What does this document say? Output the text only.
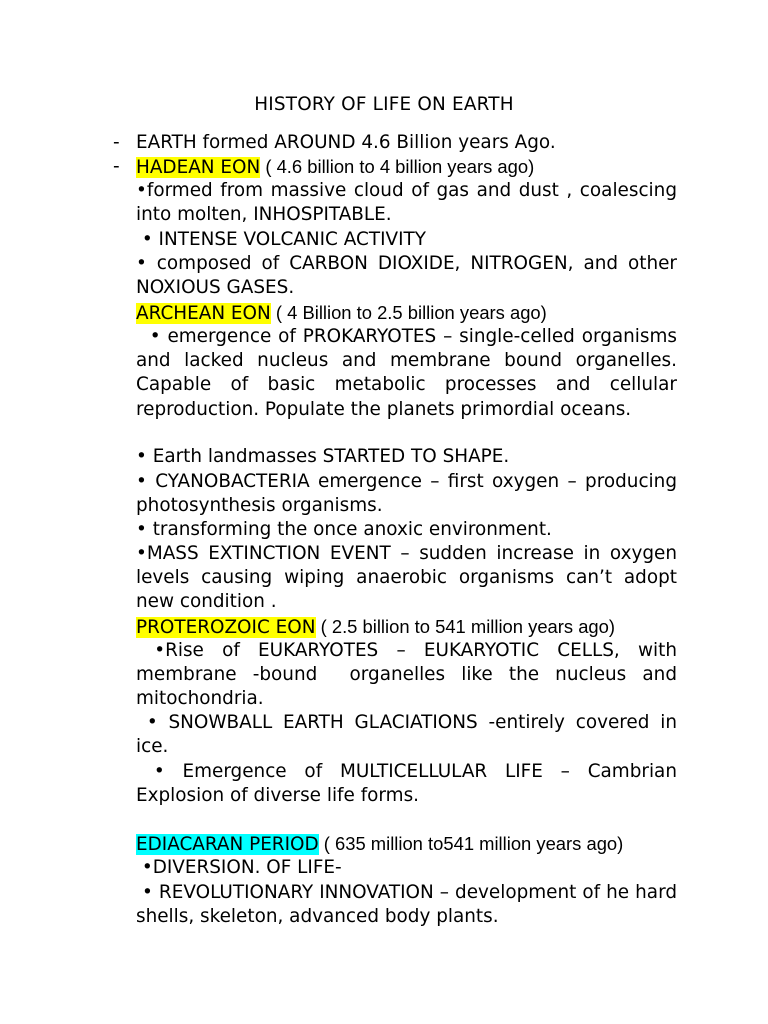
HISTORY OF LIFE ON EARTH
- EARTH formed AROUND 4.6 Billion years Ago.
- HADEAN EON ( 4.6 billion to 4 billion years ago)
•formed from massive cloud of gas and dust , coalescing into molten, INHOSPITABLE.
• INTENSE VOLCANIC ACTIVITY
• composed of CARBON DIOXIDE, NITROGEN, and other   NOXIOUS GASES.
ARCHEAN EON ( 4 Billion to 2.5 billion years ago)
• emergence of PROKARYOTES – single-celled organisms and lacked nucleus and membrane bound organelles. Capable of basic metabolic processes and cellular reproduction. Populate the planets primordial oceans.
• Earth landmasses STARTED TO SHAPE.
• CYANOBACTERIA emergence – first oxygen – producing photosynthesis organisms.
• transforming the once anoxic environment.
•MASS EXTINCTION EVENT – sudden increase in oxygen levels causing wiping anaerobic organisms can’t adopt new condition .
PROTEROZOIC EON ( 2.5 billion to 541 million years ago)
•Rise of EUKARYOTES – EUKARYOTIC CELLS, with membrane -bound  organelles like the nucleus and mitochondria.
• SNOWBALL EARTH GLACIATIONS -entirely covered in ice.
• Emergence of MULTICELLULAR LIFE – Cambrian Explosion of diverse life forms.
EDIACARAN PERIOD ( 635 million to541 million years ago)
•DIVERSION. OF LIFE-
• REVOLUTIONARY INNOVATION – development of he hard shells, skeleton, advanced body plants.
